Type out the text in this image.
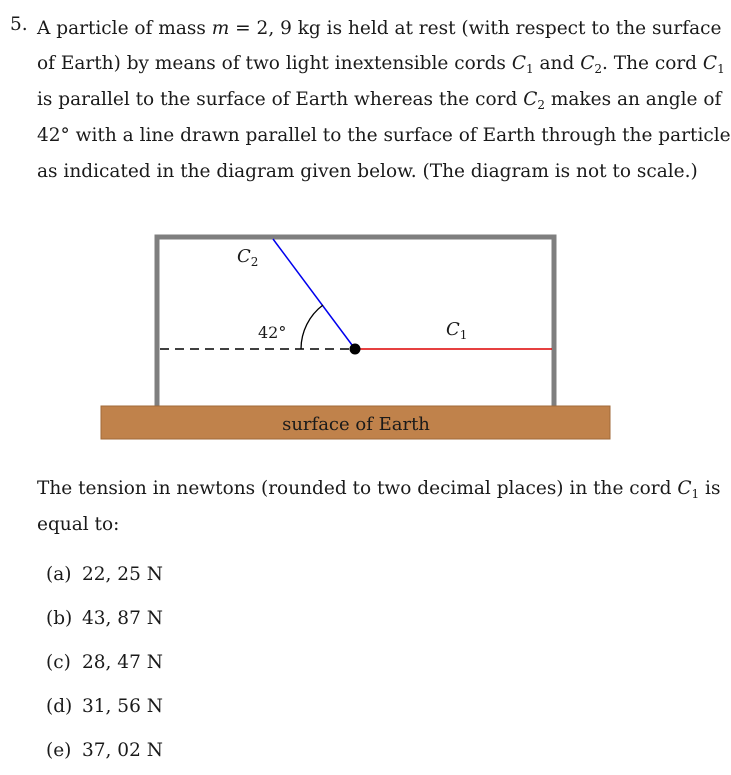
5. A particle of mass m = 2, 9 kg is held at rest (with respect to the surface
of Earth) by means of two light inextensible cords $C_1$ and $C_2$. The cord $C_1$
is parallel to the surface of Earth whereas the cord $C_2$ makes an angle of
42° with a line drawn parallel to the surface of Earth through the particle
as indicated in the diagram given below. (The diagram is not to scale.)
surface of Earth
$C_2$
42°	$C_1$
The tension in newtons (rounded to two decimal places) in the cord $C_1$ is
equal to:
(a) 22, 25 N
(b) 43, 87 N
(c) 28, 47 N
(d) 31, 56 N
(e) 37, 02 N
